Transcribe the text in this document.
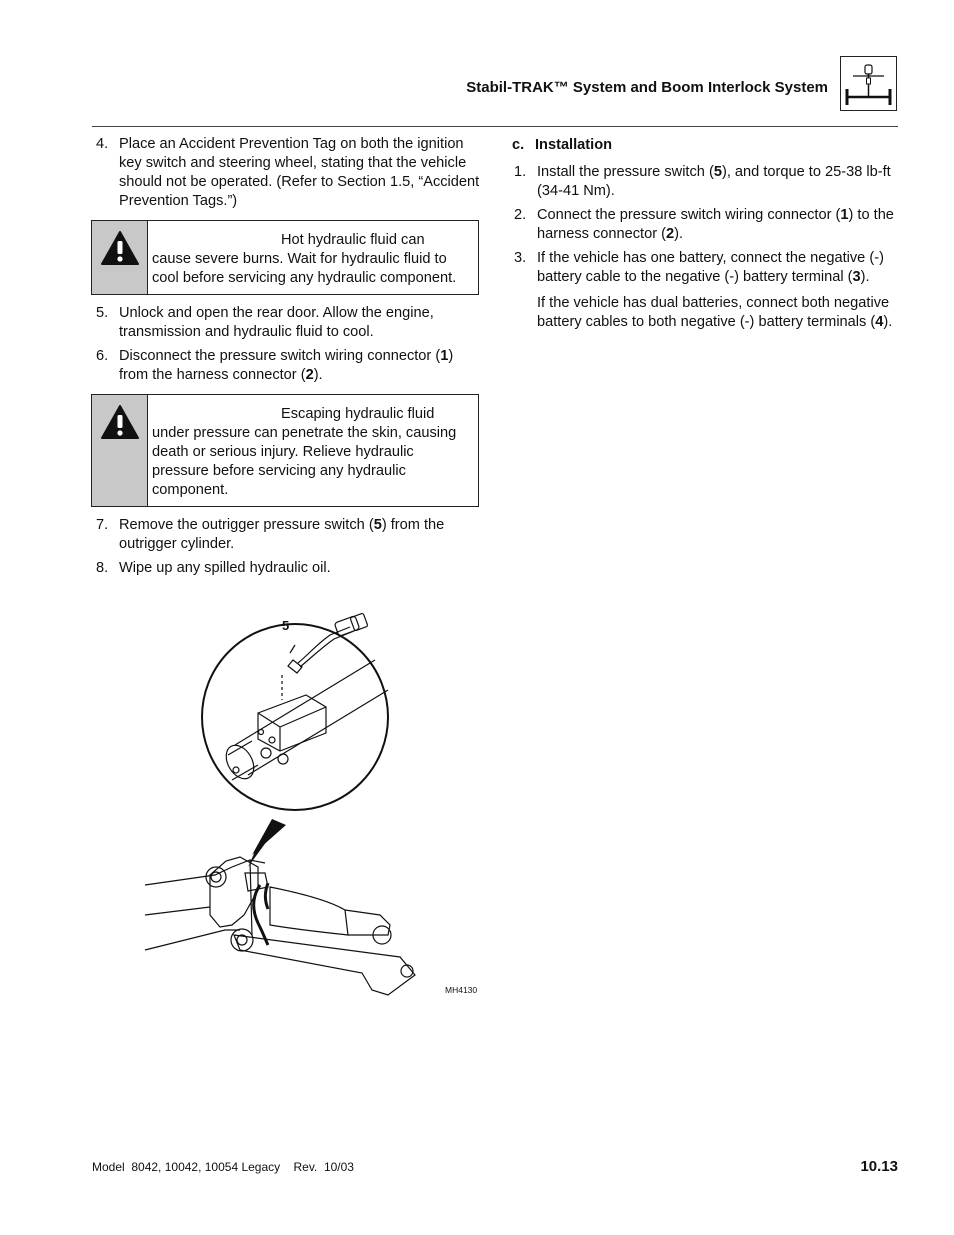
Stabil-TRAK™ System and Boom Interlock System
4. Place an Accident Prevention Tag on both the ignition key switch and steering wheel, stating that the vehicle should not be operated. (Refer to Section 1.5, “Accident Prevention Tags.”)
Hot hydraulic fluid can
cause severe burns. Wait for hydraulic fluid to cool before servicing any hydraulic component.
5. Unlock and open the rear door. Allow the engine, transmission and hydraulic fluid to cool.
6. Disconnect the pressure switch wiring connector (1) from the harness connector (2).
Escaping hydraulic fluid
under pressure can penetrate the skin, causing death or serious injury. Relieve hydraulic pressure before servicing any hydraulic component.
7. Remove the outrigger pressure switch (5) from the outrigger cylinder.
8. Wipe up any spilled hydraulic oil.
c. Installation
1. Install the pressure switch (5), and torque to 25-38 lb-ft (34-41 Nm).
2. Connect the pressure switch wiring connector (1) to the harness connector (2).
3. If the vehicle has one battery, connect the negative (-) battery cable to the negative (-) battery terminal (3).
If the vehicle has dual batteries, connect both negative battery cables to both negative (-) battery terminals (4).
5
MH4130
Model  8042, 10042, 10054 Legacy    Rev.  10/03	10.13
